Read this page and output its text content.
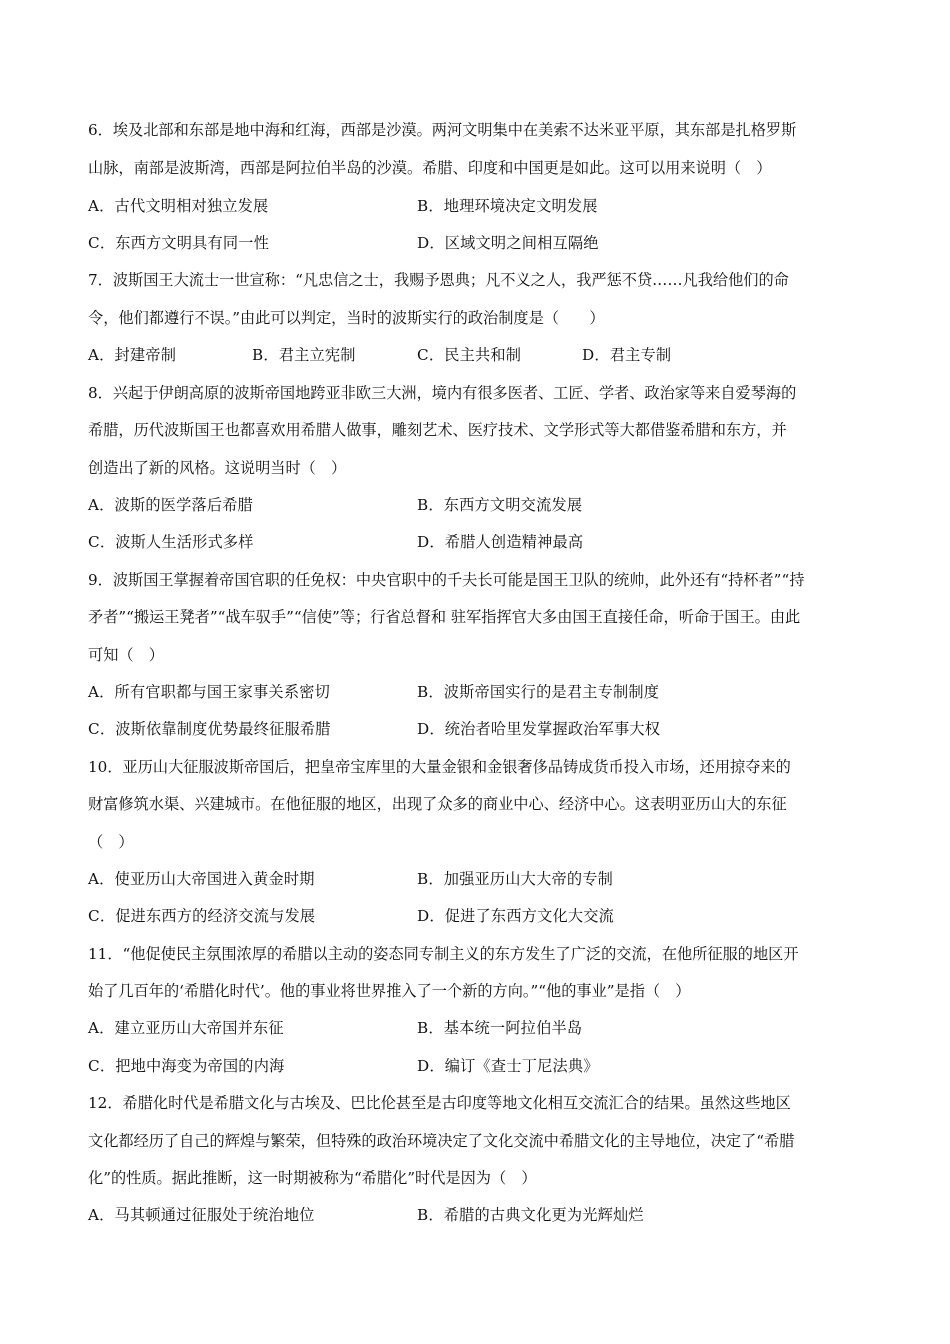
6．埃及北部和东部是地中海和红海，西部是沙漠。两河文明集中在美索不达米亚平原，其东部是扎格罗斯
山脉，南部是波斯湾，西部是阿拉伯半岛的沙漠。希腊、印度和中国更是如此。这可以用来说明（　）
A．古代文明相对独立发展	B．地理环境决定文明发展
C．东西方文明具有同一性	D．区域文明之间相互隔绝
7．波斯国王大流士一世宣称：“凡忠信之士，我赐予恩典；凡不义之人，我严惩不贷……凡我给他们的命
令，他们都遵行不误。”由此可以判定，当时的波斯实行的政治制度是（　　）
A．封建帝制	B．君主立宪制	C．民主共和制	D．君主专制
8．兴起于伊朗高原的波斯帝国地跨亚非欧三大洲，境内有很多医者、工匠、学者、政治家等来自爱琴海的
希腊，历代波斯国王也都喜欢用希腊人做事，雕刻艺术、医疗技术、文学形式等大都借鉴希腊和东方，并
创造出了新的风格。这说明当时（　）
A．波斯的医学落后希腊	B．东西方文明交流发展
C．波斯人生活形式多样	D．希腊人创造精神最高
9．波斯国王掌握着帝国官职的任免权：中央官职中的千夫长可能是国王卫队的统帅，此外还有“持杯者”“持
矛者”“搬运王凳者”“战车驭手”“信使”等；行省总督和 驻军指挥官大多由国王直接任命，听命于国王。由此
可知（　）
A．所有官职都与国王家事关系密切	B．波斯帝国实行的是君主专制制度
C．波斯依靠制度优势最终征服希腊	D．统治者哈里发掌握政治军事大权
10．亚历山大征服波斯帝国后，把皇帝宝库里的大量金银和金银奢侈品铸成货币投入市场，还用掠夺来的
财富修筑水渠、兴建城市。在他征服的地区，出现了众多的商业中心、经济中心。这表明亚历山大的东征
（　）
A．使亚历山大帝国进入黄金时期	B．加强亚历山大大帝的专制
C．促进东西方的经济交流与发展	D．促进了东西方文化大交流
11．“他促使民主氛围浓厚的希腊以主动的姿态同专制主义的东方发生了广泛的交流，在他所征服的地区开
始了几百年的‘希腊化时代’。他的事业将世界推入了一个新的方向。”“他的事业”是指（　）
A．建立亚历山大帝国并东征	B．基本统一阿拉伯半岛
C．把地中海变为帝国的内海	D．编订《查士丁尼法典》
12．希腊化时代是希腊文化与古埃及、巴比伦甚至是古印度等地文化相互交流汇合的结果。虽然这些地区
文化都经历了自己的辉煌与繁荣，但特殊的政治环境决定了文化交流中希腊文化的主导地位，决定了“希腊
化”的性质。据此推断，这一时期被称为“希腊化”时代是因为（　）
A．马其顿通过征服处于统治地位	B．希腊的古典文化更为光辉灿烂
